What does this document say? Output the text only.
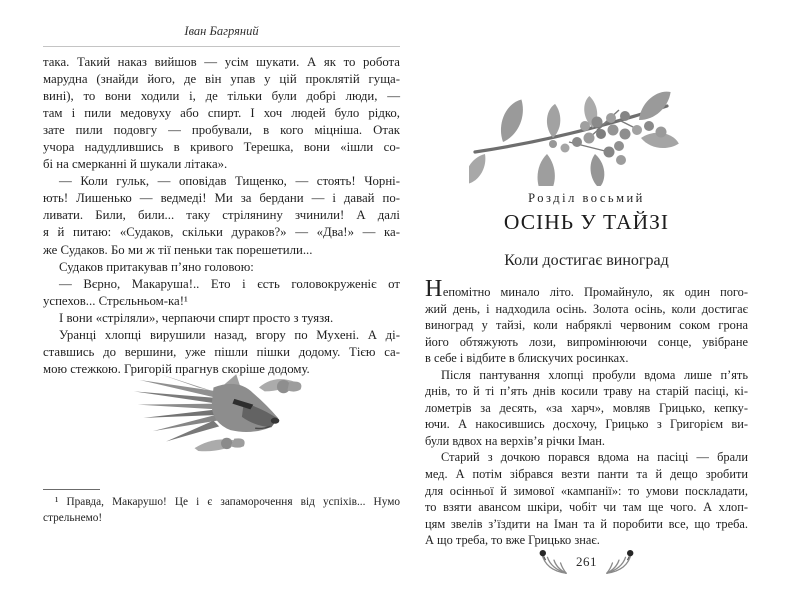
Іван Багряний
така. Такий наказ вийшов — усім шукати. А як то робота
марудна (знайди його, де він упав у цій проклятій гуща-
вині), то вони ходили і, де тільки були добрі люди, —
там і пили медовуху або спирт. І хоч людей було рідко,
зате пили подовгу — пробували, в кого міцніша. Отак
учора надудлившись в кривого Терешка, вони «ішли со-
бі на смерканні й шукали літака».
— Коли гульк, — оповідав Тищенко, — стоять! Чорні-
ють! Лишенько — ведмеді! Ми за бердани — і давай по-
ливати. Били, били... таку стрілянину зчинили! А далі
я й питаю: «Судаков, скільки дураков?» — «Два!» — ка-
же Судаков. Бо ми ж тії пеньки так порешетили...
Судаков притакував п’яно головою:
— Вєрно, Макаруша!.. Ето і єсть головокруженіє от
успехов... Стрєльньом-ка!¹
І вони «стріляли», черпаючи спирт просто з туязя.
Уранці хлопці вирушили назад, вгору по Мухені. А ді-
ставшись до вершини, уже пішли пішки додому. Тією са-
мою стежкою. Григорій прагнув скоріше додому.
¹ Правда, Макарушо! Це і є запаморочення від успіхів... Нумо
стрельнемо!
Розділ восьмий
ОСІНЬ У ТАЙЗІ
Коли достигає виноград
Непомітно минало літо. Промайнуло, як один пого-
жий день, і надходила осінь. Золота осінь, коли достигає
виноград у тайзі, коли набряклі червоним соком грона
його обтяжують лози, випромінюючи сонце, увібране
в себе і відбите в блискучих росинках.
Після пантування хлопці пробули вдома лише п’ять
днів, то й ті п’ять днів косили траву на старій пасіці, кі-
лометрів за десять, «за харч», мовляв Грицько, кепку-
ючи. А накосившись досхочу, Грицько з Григорієм ви-
були вдвох на верхів’я річки Іман.
Старий з дочкою порався вдома на пасіці — брали
мед. А потім зібрався везти панти та й дещо зробити
для осінньої й зимової «кампанії»: то умови поскладати,
то взяти авансом шкіри, чобіт чи там ще чого. А хлоп-
цям звелів з’їздити на Іман та й поробити все, що треба.
А що треба, то вже Грицько знає.
261
